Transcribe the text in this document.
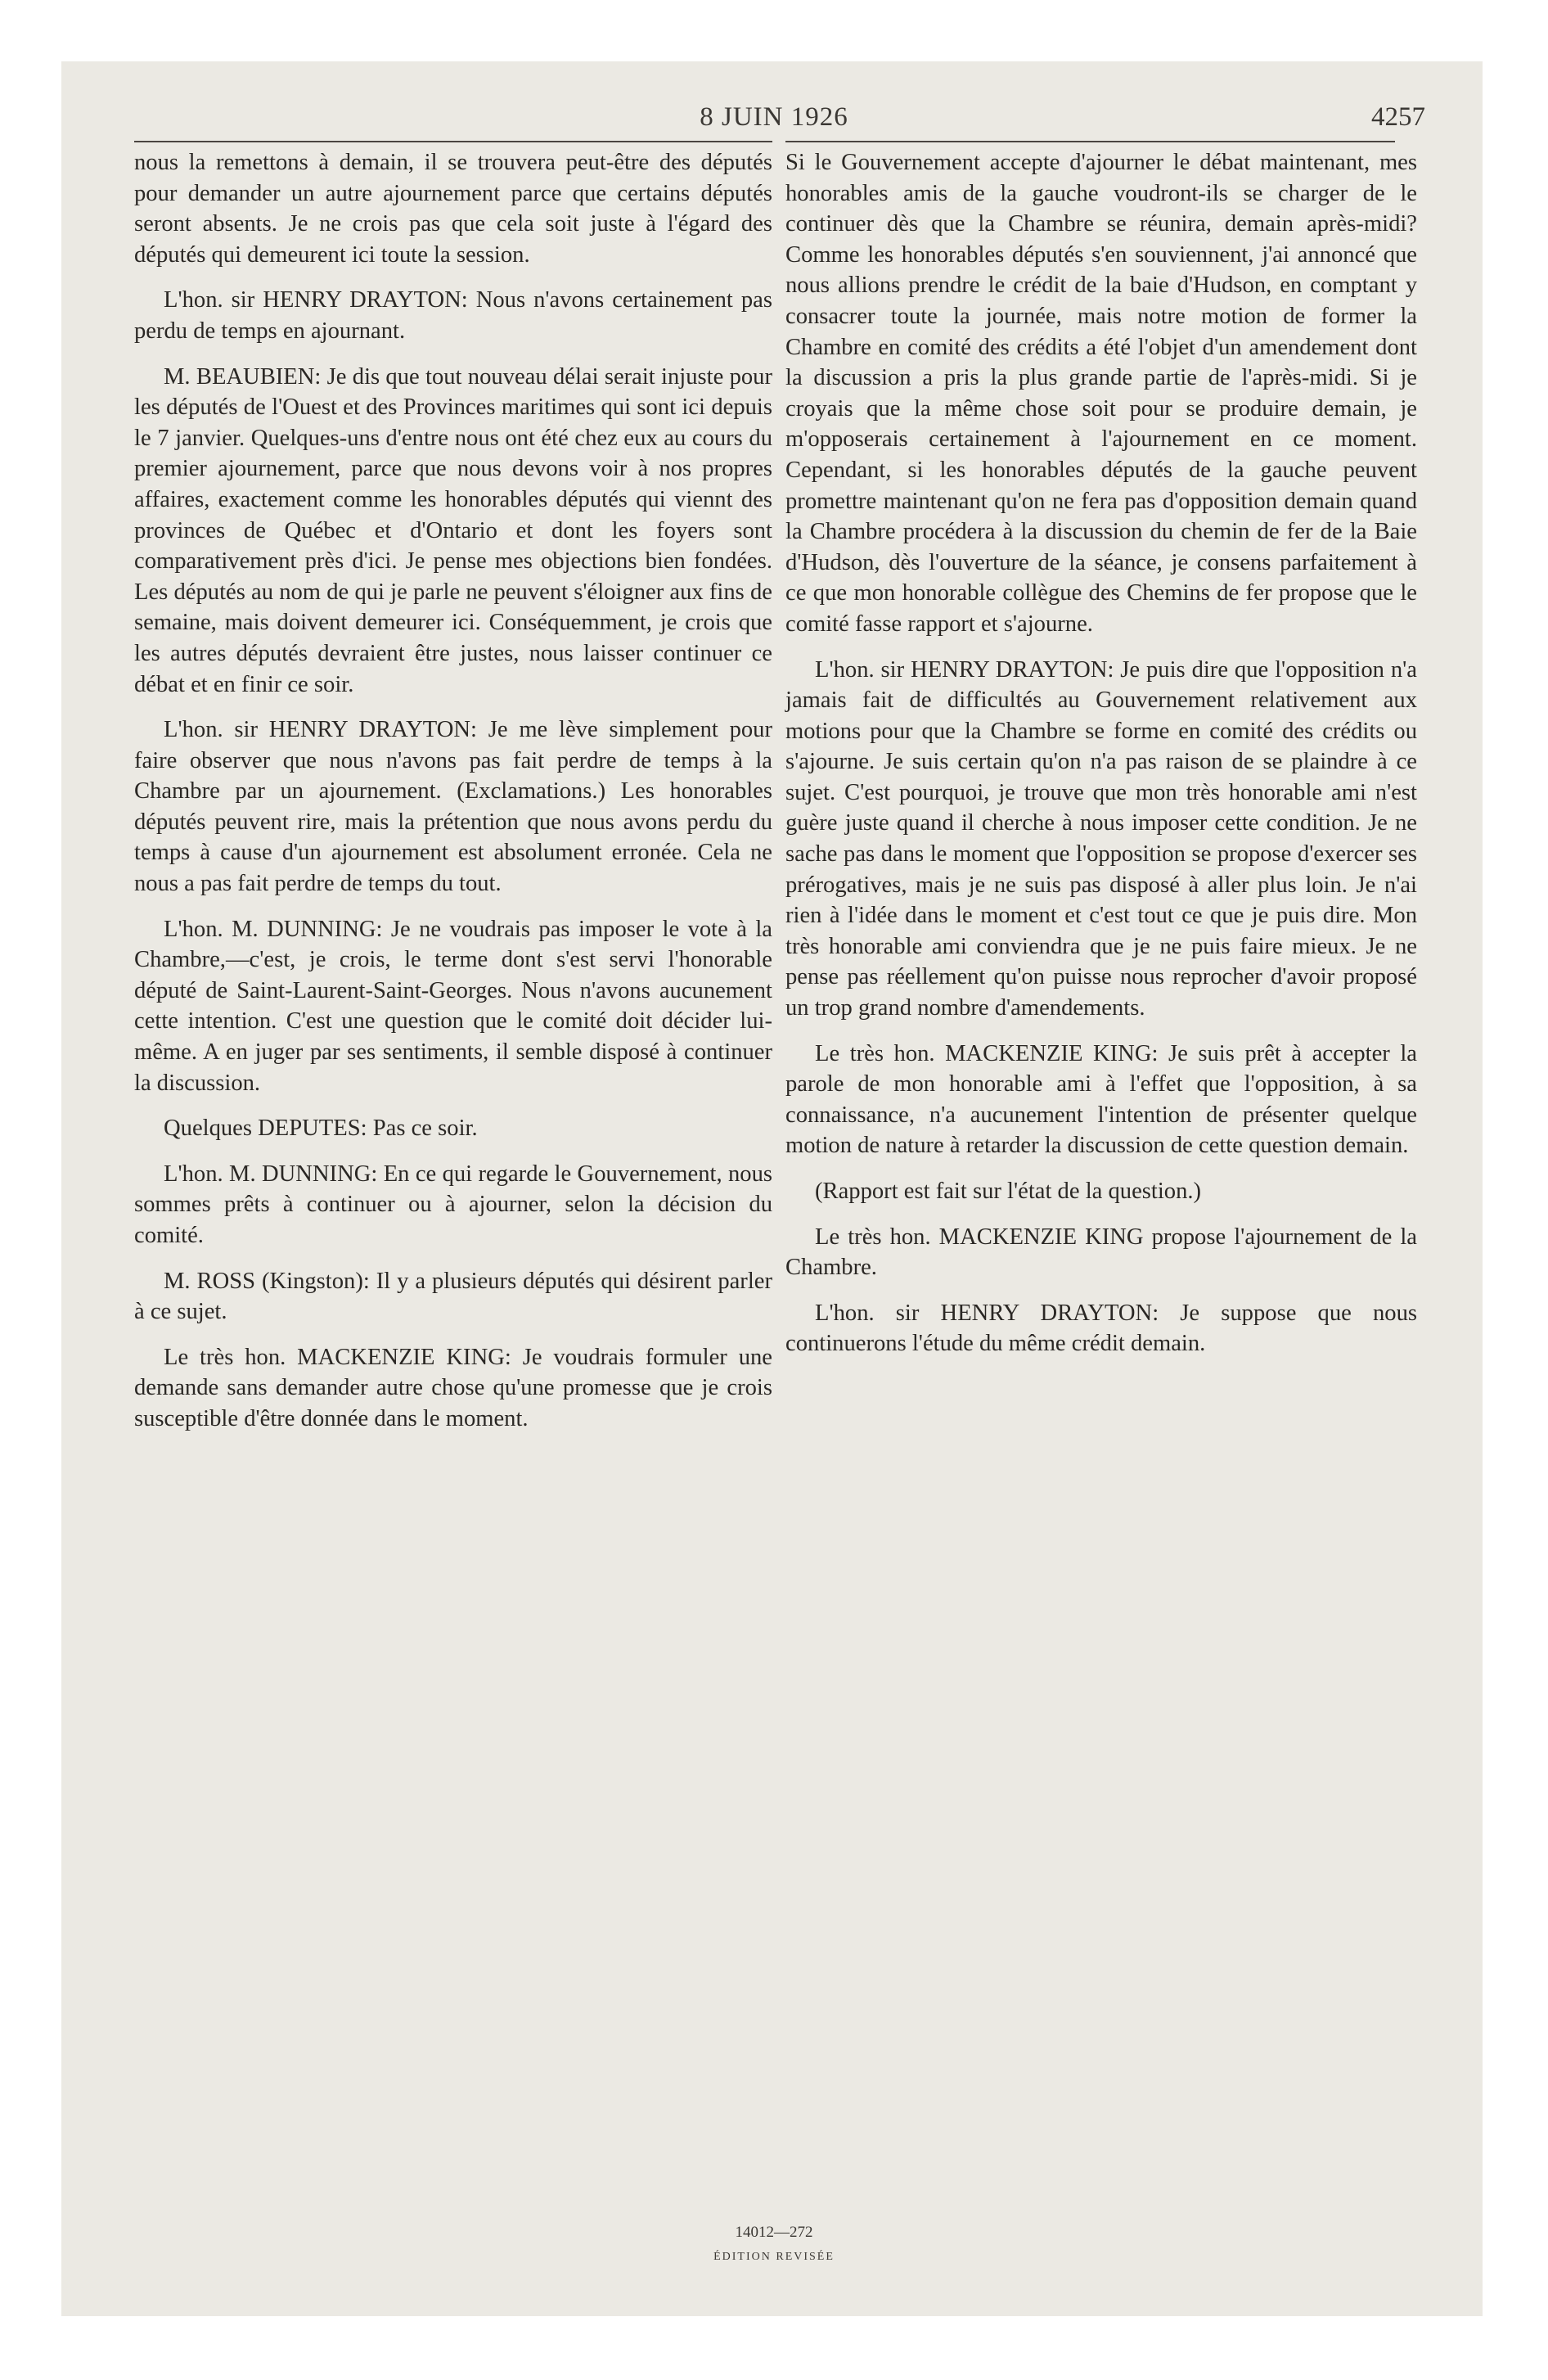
8 JUIN 1926	4257

nous la remettons à demain, il se trouvera peut-être des députés pour demander un autre ajournement parce que certains députés seront absents. Je ne crois pas que cela soit juste à l'égard des députés qui demeurent ici toute la session.

L'hon. sir HENRY DRAYTON: Nous n'avons certainement pas perdu de temps en ajournant.

M. BEAUBIEN: Je dis que tout nouveau délai serait injuste pour les députés de l'Ouest et des Provinces maritimes qui sont ici depuis le 7 janvier. Quelques-uns d'entre nous ont été chez eux au cours du premier ajournement, parce que nous devons voir à nos propres affaires, exactement comme les honorables députés qui viennt des provinces de Québec et d'Ontario et dont les foyers sont comparativement près d'ici. Je pense mes objections bien fondées. Les députés au nom de qui je parle ne peuvent s'éloigner aux fins de semaine, mais doivent demeurer ici. Conséquemment, je crois que les autres députés devraient être justes, nous laisser continuer ce débat et en finir ce soir.

L'hon. sir HENRY DRAYTON: Je me lève simplement pour faire observer que nous n'avons pas fait perdre de temps à la Chambre par un ajournement. (Exclamations.) Les honorables députés peuvent rire, mais la prétention que nous avons perdu du temps à cause d'un ajournement est absolument erronée. Cela ne nous a pas fait perdre de temps du tout.

L'hon. M. DUNNING: Je ne voudrais pas imposer le vote à la Chambre,—c'est, je crois, le terme dont s'est servi l'honorable député de Saint-Laurent-Saint-Georges. Nous n'avons aucunement cette intention. C'est une question que le comité doit décider lui-même. A en juger par ses sentiments, il semble disposé à continuer la discussion.

Quelques DEPUTES: Pas ce soir.

L'hon. M. DUNNING: En ce qui regarde le Gouvernement, nous sommes prêts à continuer ou à ajourner, selon la décision du comité.

M. ROSS (Kingston): Il y a plusieurs députés qui désirent parler à ce sujet.

Le très hon. MACKENZIE KING: Je voudrais formuler une demande sans demander autre chose qu'une promesse que je crois susceptible d'être donnée dans le moment.

Si le Gouvernement accepte d'ajourner le débat maintenant, mes honorables amis de la gauche voudront-ils se charger de le continuer dès que la Chambre se réunira, demain après-midi? Comme les honorables députés s'en souviennent, j'ai annoncé que nous allions prendre le crédit de la baie d'Hudson, en comptant y consacrer toute la journée, mais notre motion de former la Chambre en comité des crédits a été l'objet d'un amendement dont la discussion a pris la plus grande partie de l'après-midi. Si je croyais que la même chose soit pour se produire demain, je m'opposerais certainement à l'ajournement en ce moment. Cependant, si les honorables députés de la gauche peuvent promettre maintenant qu'on ne fera pas d'opposition demain quand la Chambre procédera à la discussion du chemin de fer de la Baie d'Hudson, dès l'ouverture de la séance, je consens parfaitement à ce que mon honorable collègue des Chemins de fer propose que le comité fasse rapport et s'ajourne.

L'hon. sir HENRY DRAYTON: Je puis dire que l'opposition n'a jamais fait de difficultés au Gouvernement relativement aux motions pour que la Chambre se forme en comité des crédits ou s'ajourne. Je suis certain qu'on n'a pas raison de se plaindre à ce sujet. C'est pourquoi, je trouve que mon très honorable ami n'est guère juste quand il cherche à nous imposer cette condition. Je ne sache pas dans le moment que l'opposition se propose d'exercer ses prérogatives, mais je ne suis pas disposé à aller plus loin. Je n'ai rien à l'idée dans le moment et c'est tout ce que je puis dire. Mon très honorable ami conviendra que je ne puis faire mieux. Je ne pense pas réellement qu'on puisse nous reprocher d'avoir proposé un trop grand nombre d'amendements.

Le très hon. MACKENZIE KING: Je suis prêt à accepter la parole de mon honorable ami à l'effet que l'opposition, à sa connaissance, n'a aucunement l'intention de présenter quelque motion de nature à retarder la discussion de cette question demain.

(Rapport est fait sur l'état de la question.)

Le très hon. MACKENZIE KING propose l'ajournement de la Chambre.

L'hon. sir HENRY DRAYTON: Je suppose que nous continuerons l'étude du même crédit demain.

14012—272
ÉDITION REVISÉE
